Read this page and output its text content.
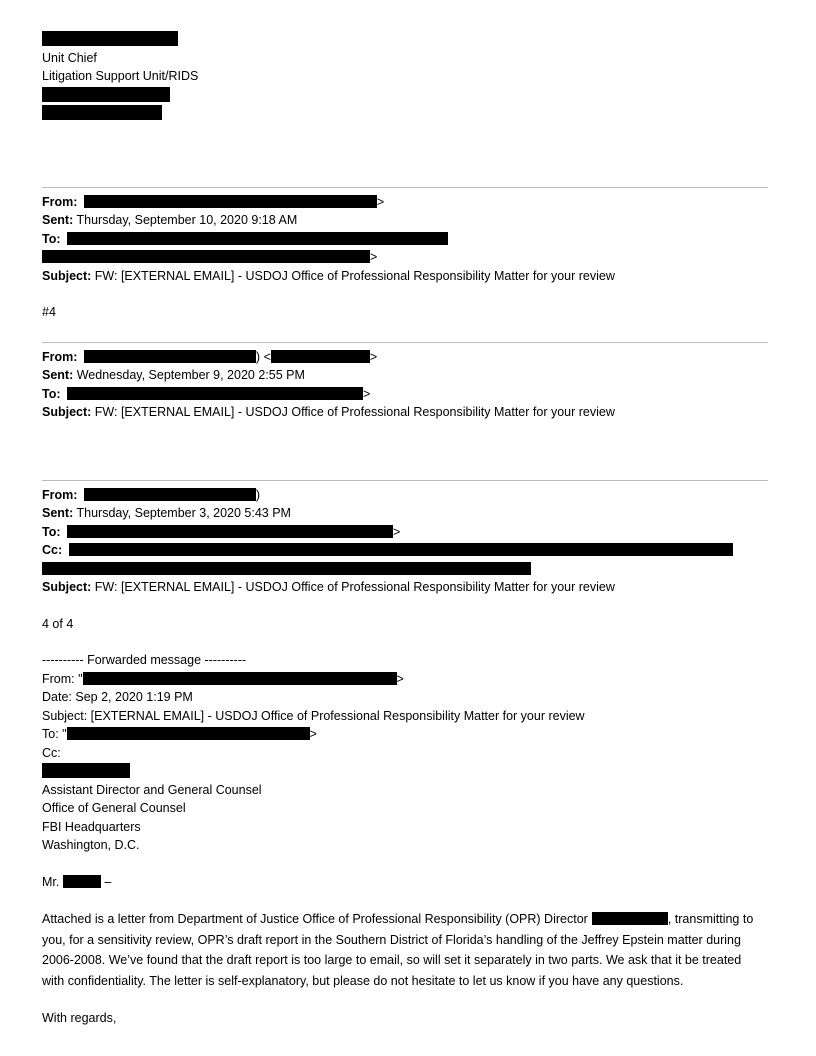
Unit Chief
Litigation Support Unit/RIDS
From:	>
Sent: Thursday, September 10, 2020 9:18 AM
To:
>
Subject: FW: [EXTERNAL EMAIL] - USDOJ Office of Professional Responsibility Matter for your review
#4
From:	) <	>
Sent: Wednesday, September 9, 2020 2:55 PM
To:	>
Subject: FW: [EXTERNAL EMAIL] - USDOJ Office of Professional Responsibility Matter for your review
From:	)
Sent: Thursday, September 3, 2020 5:43 PM
To:	>
Cc:
Subject: FW: [EXTERNAL EMAIL] - USDOJ Office of Professional Responsibility Matter for your review
4 of 4
---------- Forwarded message ----------
From: "	>
Date: Sep 2, 2020 1:19 PM
Subject: [EXTERNAL EMAIL] - USDOJ Office of Professional Responsibility Matter for your review
To: "	>
Cc:
Assistant Director and General Counsel
Office of General Counsel
FBI Headquarters
Washington, D.C.
Mr.	–
Attached is a letter from Department of Justice Office of Professional Responsibility (OPR) Director	, transmitting to you, for a sensitivity review, OPR’s draft report in the Southern District of Florida’s handling of the Jeffrey Epstein matter during 2006-2008. We’ve found that the draft report is too large to email, so will set it separately in two parts. We ask that it be treated with confidentiality. The letter is self-explanatory, but please do not hesitate to let us know if you have any questions.
With regards,
